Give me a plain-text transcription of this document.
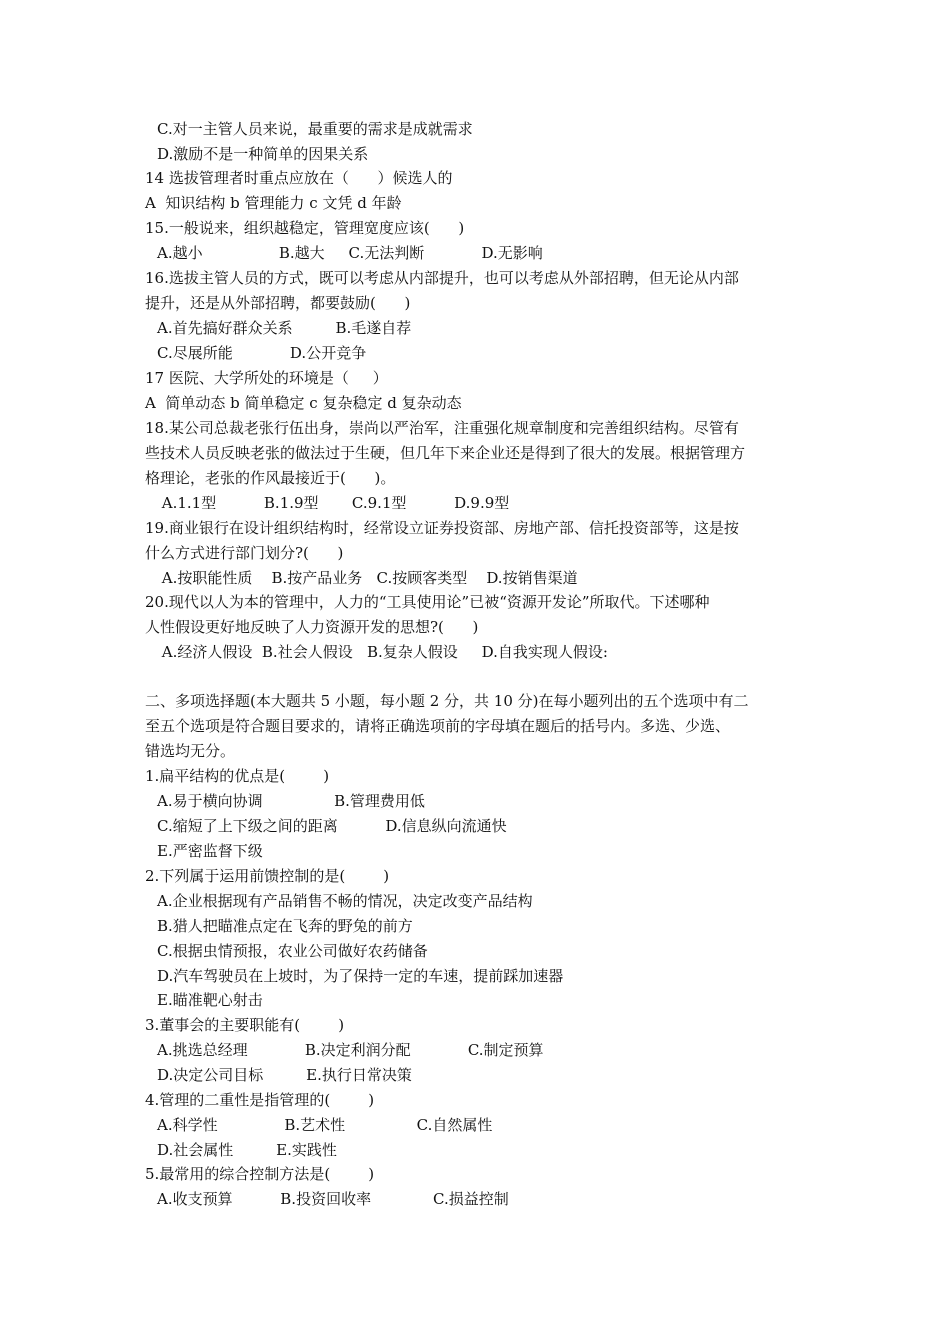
C.对一主管人员来说，最重要的需求是成就需求
D.激励不是一种简单的因果关系
14 选拔管理者时重点应放在（      ）候选人的
A  知识结构 b 管理能力 c 文凭 d 年龄
15.一般说来，组织越稳定，管理宽度应该(      )
A.越小                B.越大     C.无法判断            D.无影响
16.选拔主管人员的方式，既可以考虑从内部提升，也可以考虑从外部招聘，但无论从内部
提升，还是从外部招聘，都要鼓励(      )
A.首先搞好群众关系         B.毛遂自荐
C.尽展所能            D.公开竞争
17 医院、大学所处的环境是（     ）
A  简单动态 b 简单稳定 c 复杂稳定 d 复杂动态
18.某公司总裁老张行伍出身，崇尚以严治军，注重强化规章制度和完善组织结构。尽管有
些技术人员反映老张的做法过于生硬，但几年下来企业还是得到了很大的发展。根据管理方
格理论，老张的作风最接近于(      )。
A.1.1型          B.1.9型       C.9.1型          D.9.9型
19.商业银行在设计组织结构时，经常设立证券投资部、房地产部、信托投资部等，这是按
什么方式进行部门划分?(      )
A.按职能性质    B.按产品业务   C.按顾客类型    D.按销售渠道
20.现代以人为本的管理中，人力的“工具使用论”已被“资源开发论”所取代。下述哪种
人性假设更好地反映了人力资源开发的思想?(      )
A.经济人假设  B.社会人假设   B.复杂人假设     D.自我实现人假设:
二、多项选择题(本大题共 5 小题，每小题 2 分，共 10 分)在每小题列出的五个选项中有二
至五个选项是符合题目要求的，请将正确选项前的字母填在题后的括号内。多选、少选、
错选均无分。
1.扁平结构的优点是(        )
A.易于横向协调               B.管理费用低
C.缩短了上下级之间的距离          D.信息纵向流通快
E.严密监督下级
2.下列属于运用前馈控制的是(        )
A.企业根据现有产品销售不畅的情况，决定改变产品结构
B.猎人把瞄准点定在飞奔的野兔的前方
C.根据虫情预报，农业公司做好农药储备
D.汽车驾驶员在上坡时，为了保持一定的车速，提前踩加速器
E.瞄准靶心射击
3.董事会的主要职能有(        )
A.挑选总经理            B.决定利润分配            C.制定预算
D.决定公司目标         E.执行日常决策
4.管理的二重性是指管理的(        )
A.科学性              B.艺术性               C.自然属性
D.社会属性         E.实践性
5.最常用的综合控制方法是(        )
A.收支预算          B.投资回收率             C.损益控制
